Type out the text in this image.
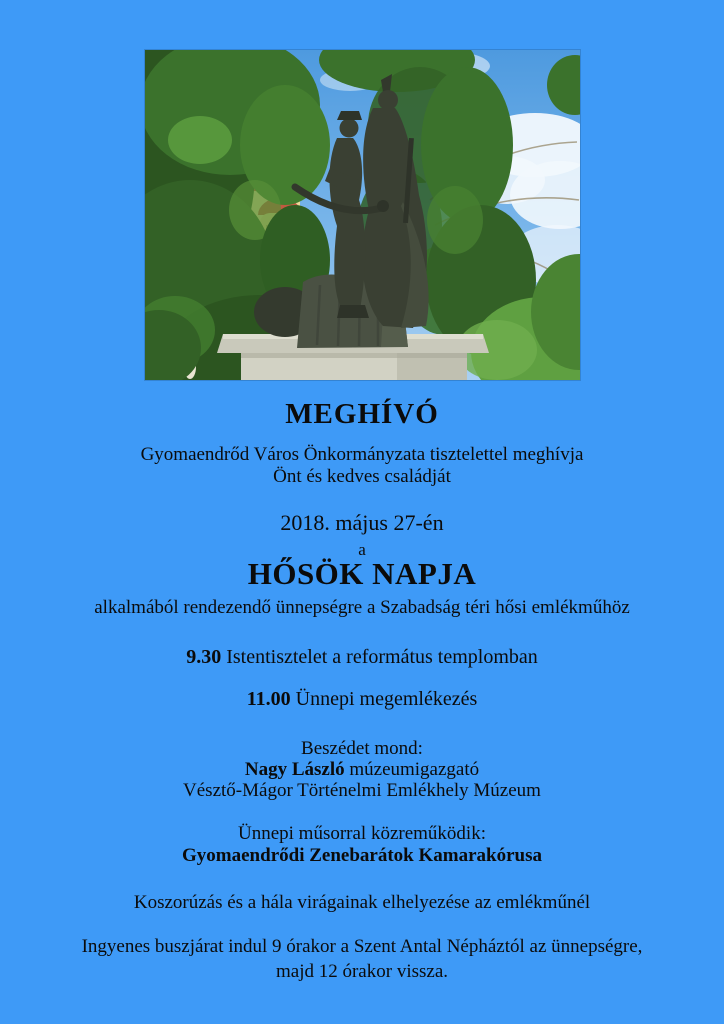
MEGHÍVÓ
Gyomaendrőd Város Önkormányzata tisztelettel meghívja
Önt és kedves családját
2018. május 27-én
a
HŐSÖK NAPJA
alkalmából rendezendő ünnepségre a Szabadság téri hősi emlékműhöz
9.30 Istentisztelet a református templomban
11.00 Ünnepi megemlékezés
Beszédet mond:
Nagy László múzeumigazgató
Vésztő-Mágor Történelmi Emlékhely Múzeum
Ünnepi műsorral közreműködik:
Gyomaendrődi Zenebarátok Kamarakórusa
Koszorúzás és a hála virágainak elhelyezése az emlékműnél
Ingyenes buszjárat indul 9 órakor a Szent Antal Népháztól az ünnepségre,
majd 12 órakor vissza.
